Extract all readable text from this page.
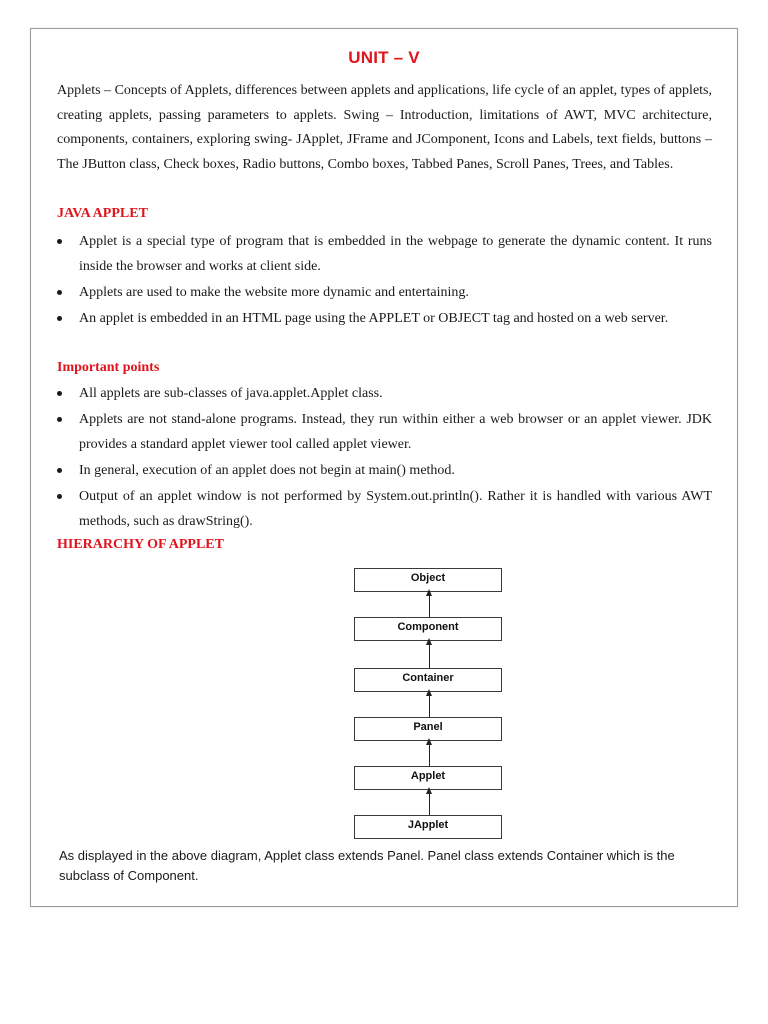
UNIT – V
Applets – Concepts of Applets, differences between applets and applications, life cycle of an applet, types of applets, creating applets, passing parameters to applets. Swing – Introduction, limitations of AWT, MVC architecture, components, containers, exploring swing- JApplet, JFrame and JComponent, Icons and Labels, text fields, buttons – The JButton class, Check boxes, Radio buttons, Combo boxes, Tabbed Panes, Scroll Panes, Trees, and Tables.
JAVA APPLET
Applet is a special type of program that is embedded in the webpage to generate the dynamic content. It runs inside the browser and works at client side.
Applets are used to make the website more dynamic and entertaining.
An applet is embedded in an HTML page using the APPLET or OBJECT tag and hosted on a web server.
Important points
All applets are sub-classes of java.applet.Applet class.
Applets are not stand-alone programs. Instead, they run within either a web browser or an applet viewer. JDK provides a standard applet viewer tool called applet viewer.
In general, execution of an applet does not begin at main() method.
Output of an applet window is not performed by System.out.println(). Rather it is handled with various AWT methods, such as drawString().
HIERARCHY OF APPLET
Object
Component
Container
Panel
Applet
JApplet
As displayed in the above diagram, Applet class extends Panel. Panel class extends Container which is the subclass of Component.
